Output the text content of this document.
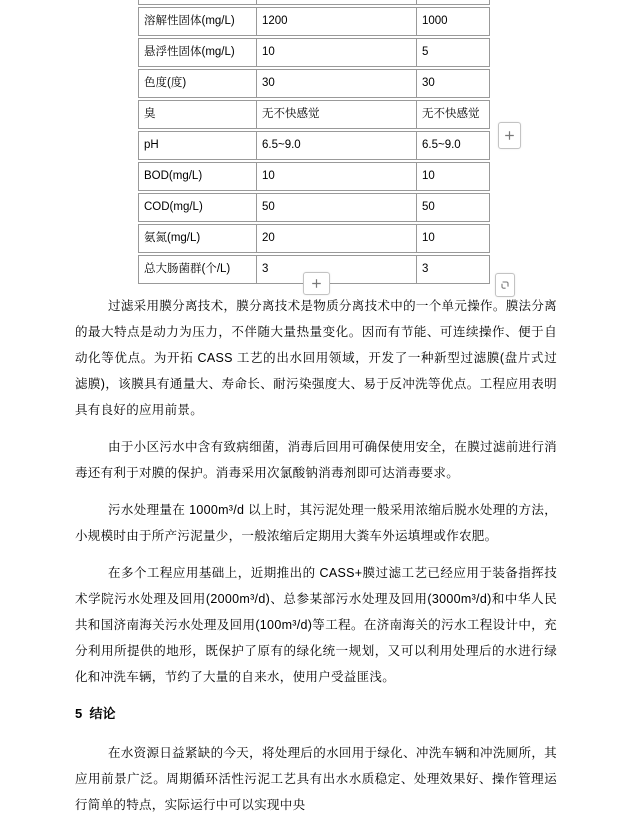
溶解性固体(mg/L)	1200	1000
悬浮性固体(mg/L)	10	5
色度(度)	30	30
臭	无不快感觉	无不快感觉
pH	6.5~9.0	6.5~9.0
BOD(mg/L)	10	10
COD(mg/L)	50	50
氨氮(mg/L)	20	10
总大肠菌群(个/L)	3	3

过滤采用膜分离技术，膜分离技术是物质分离技术中的一个单元操作。膜法分离的最大特点是动力为压力，不伴随大量热量变化。因而有节能、可连续操作、便于自动化等优点。为开拓 CASS 工艺的出水回用领域，开发了一种新型过滤膜(盘片式过滤膜)，该膜具有通量大、寿命长、耐污染强度大、易于反冲洗等优点。工程应用表明具有良好的应用前景。

由于小区污水中含有致病细菌，消毒后回用可确保使用安全，在膜过滤前进行消毒还有利于对膜的保护。消毒采用次氯酸钠消毒剂即可达消毒要求。

污水处理量在 1000m³/d 以上时，其污泥处理一般采用浓缩后脱水处理的方法，小规模时由于所产污泥量少，一般浓缩后定期用大粪车外运填埋或作农肥。

在多个工程应用基础上，近期推出的 CASS+膜过滤工艺已经应用于装备指挥技术学院污水处理及回用(2000m³/d)、总参某部污水处理及回用(3000m³/d)和中华人民共和国济南海关污水处理及回用(100m³/d)等工程。在济南海关的污水工程设计中，充分利用所提供的地形，既保护了原有的绿化统一规划，又可以利用处理后的水进行绿化和冲洗车辆，节约了大量的自来水，使用户受益匪浅。

5  结论

在水资源日益紧缺的今天，将处理后的水回用于绿化、冲洗车辆和冲洗厕所，其应用前景广泛。周期循环活性污泥工艺具有出水水质稳定、处理效果好、操作管理运行简单的特点，实际运行中可以实现中央
